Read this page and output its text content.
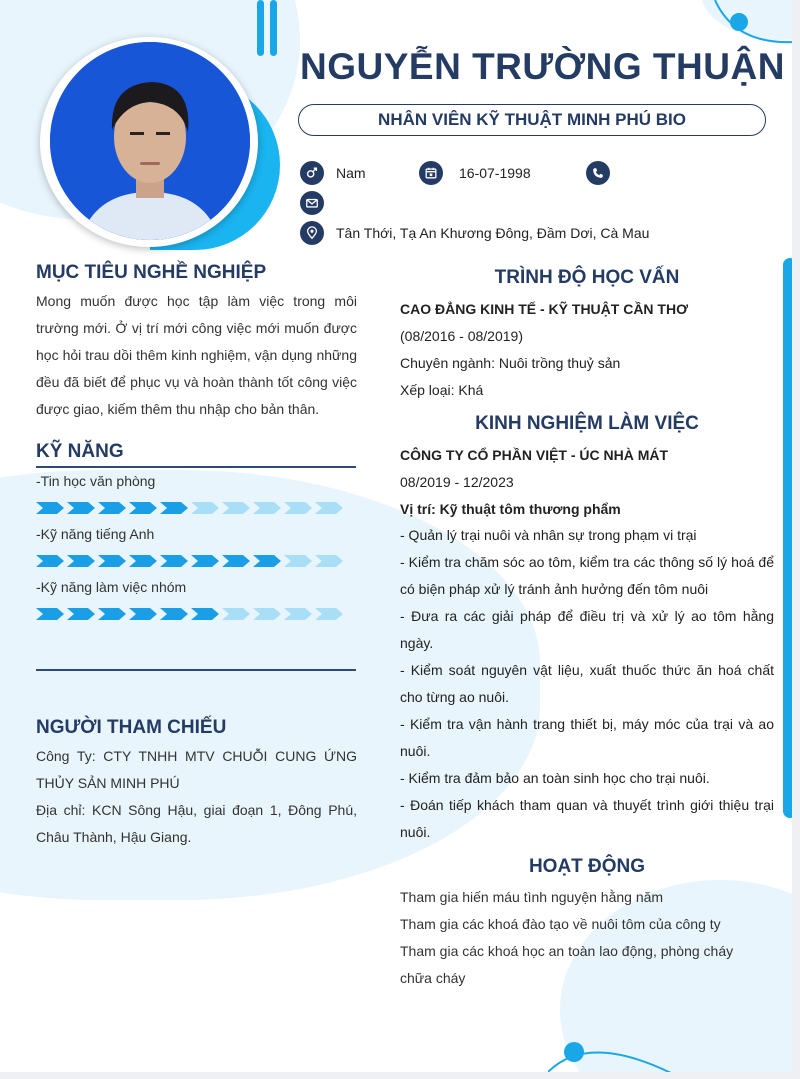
NGUYỄN TRƯỜNG THUẬN
NHÂN VIÊN KỸ THUẬT MINH PHÚ BIO
Nam	16-07-1998
Tân Thới, Tạ An Khương Đông, Đầm Dơi, Cà Mau
MỤC TIÊU NGHỀ NGHIỆP
Mong muốn được học tập làm việc trong môi trường mới. Ở vị trí mới công việc mới muốn được học hỏi trau dồi thêm kinh nghiệm, vận dụng những đều đã biết để phục vụ và hoàn thành tốt công việc được giao, kiếm thêm thu nhập cho bản thân.
KỸ NĂNG
-Tin học văn phòng
-Kỹ năng tiếng Anh
-Kỹ năng làm việc nhóm
NGƯỜI THAM CHIẾU
Công Ty: CTY TNHH MTV CHUỖI CUNG ỨNG THỦY SẢN MINH PHÚ
Địa chỉ: KCN Sông Hậu, giai đoạn 1, Đông Phú, Châu Thành, Hậu Giang.
TRÌNH ĐỘ HỌC VẤN
CAO ĐẲNG KINH TẾ - KỸ THUẬT CẦN THƠ
(08/2016 - 08/2019)
Chuyên ngành: Nuôi trồng thuỷ sản
Xếp loại: Khá
KINH NGHIỆM LÀM VIỆC
CÔNG TY CỔ PHẦN VIỆT - ÚC NHÀ MÁT
08/2019 - 12/2023
Vị trí: Kỹ thuật tôm thương phẩm
- Quản lý trại nuôi và nhân sự trong phạm vi trại
- Kiểm tra chăm sóc ao tôm, kiểm tra các thông số lý hoá để có biện pháp xử lý tránh ảnh hưởng đến tôm nuôi
- Đưa ra các giải pháp để điều trị và xử lý ao tôm hằng ngày.
- Kiểm soát nguyên vật liệu, xuất thuốc thức ăn hoá chất cho từng ao nuôi.
- Kiểm tra vận hành trang thiết bị, máy móc của trại và ao nuôi.
- Kiểm tra đảm bảo an toàn sinh học cho trại nuôi.
- Đoán tiếp khách tham quan và thuyết trình giới thiệu trại nuôi.
HOẠT ĐỘNG
Tham gia hiến máu tình nguyện hằng năm
Tham gia các khoá đào tạo về nuôi tôm của công ty
Tham gia các khoá học an toàn lao động, phòng cháy chữa cháy
